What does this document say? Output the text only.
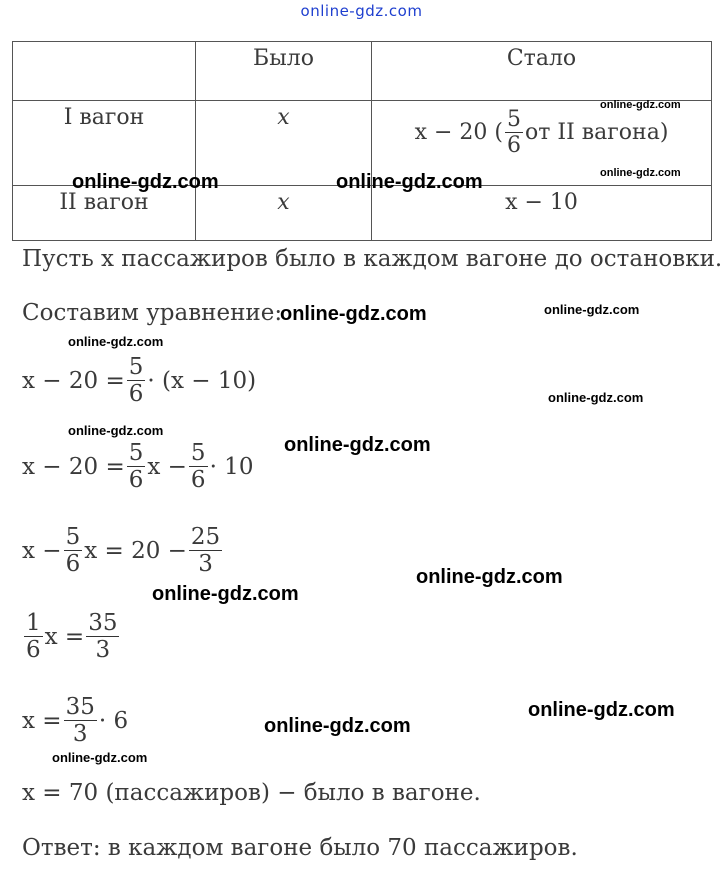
online-gdz.com
	Было	Стало
I вагон	x	x − 20 ( $\frac{5}{6}$ от II вагона)

II вагон	x	x − 10
Пусть x пассажиров было в каждом вагоне до остановки.
Составим уравнение:
$x - 20 = \frac{5}{6} \cdot (x - 10)$
$x - 20 = \frac{5}{6}$ $x - \frac{5}{6} \cdot 10$
$x - \frac{5}{6}$ $x = 20 - \frac{25}{3}$
$\frac{1}{6}$ $x = \frac{35}{3}$
$x = \frac{35}{3} \cdot 6$
x = 70 (пассажиров) − было в вагоне.
Ответ: в каждом вагоне было 70 пассажиров.
online-gdz.com
online-gdz.com
online-gdz.com	online-gdz.com
online-gdz.com	online-gdz.com
online-gdz.com
online-gdz.com
online-gdz.com
online-gdz.com
online-gdz.com
online-gdz.com
online-gdz.com
online-gdz.com
online-gdz.com
